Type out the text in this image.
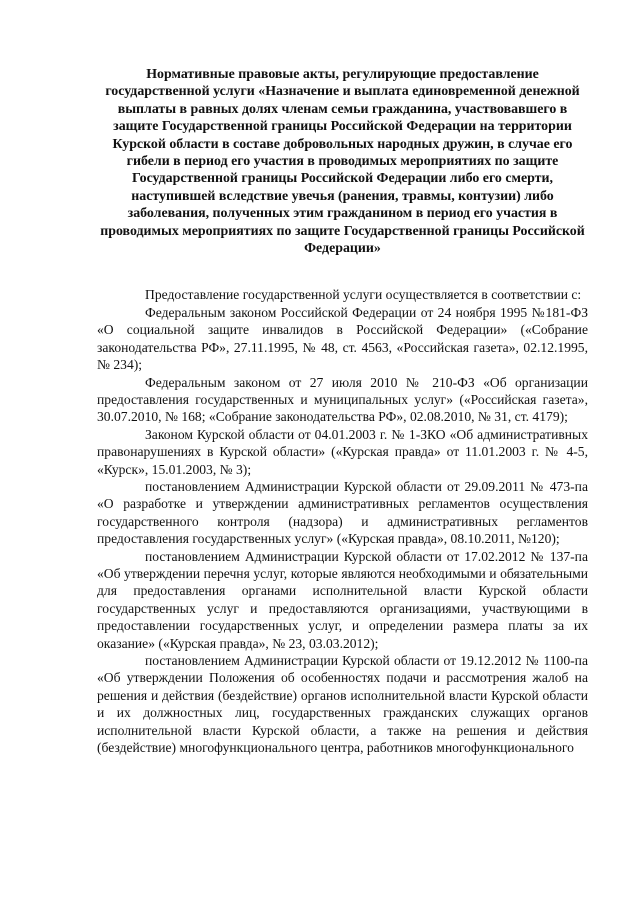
Нормативные правовые акты, регулирующие предоставление государственной услуги «Назначение и выплата единовременной денежной выплаты в равных долях членам семьи гражданина, участвовавшего в защите Государственной границы Российской Федерации на территории Курской области в составе добровольных народных дружин, в случае его гибели в период его участия в проводимых мероприятиях по защите Государственной границы Российской Федерации либо его смерти, наступившей вследствие увечья (ранения, травмы, контузии) либо заболевания, полученных этим гражданином в период его участия в проводимых мероприятиях по защите Государственной границы Российской Федерации»

Предоставление государственной услуги осуществляется в соответствии с:

Федеральным законом Российской Федерации от 24 ноября 1995 №181-ФЗ «О социальной защите инвалидов в Российской Федерации» («Собрание законодательства РФ», 27.11.1995, № 48, ст. 4563, «Российская газета», 02.12.1995, № 234);

Федеральным законом от 27 июля 2010 № 210-ФЗ «Об организации предоставления государственных и муниципальных услуг» («Российская газета», 30.07.2010, № 168; «Собрание законодательства РФ», 02.08.2010, № 31, ст. 4179);

Законом Курской области от 04.01.2003 г. № 1-ЗКО «Об административных правонарушениях в Курской области» («Курская правда» от 11.01.2003 г. № 4-5, «Курск», 15.01.2003, № 3);

постановлением Администрации Курской области от 29.09.2011 № 473-па «О разработке и утверждении административных регламентов осуществления государственного контроля (надзора) и административных регламентов предоставления государственных услуг» («Курская правда», 08.10.2011, №120);

постановлением Администрации Курской области от 17.02.2012 № 137-па «Об утверждении перечня услуг, которые являются необходимыми и обязательными для предоставления органами исполнительной власти Курской области государственных услуг и предоставляются организациями, участвующими в предоставлении государственных услуг, и определении размера платы за их оказание» («Курская правда», № 23, 03.03.2012);

постановлением Администрации Курской области от 19.12.2012 № 1100-па «Об утверждении Положения об особенностях подачи и рассмотрения жалоб на решения и действия (бездействие) органов исполнительной власти Курской области и их должностных лиц, государственных гражданских служащих органов исполнительной власти Курской области, а также на решения и действия (бездействие) многофункционального центра, работников многофункционального
